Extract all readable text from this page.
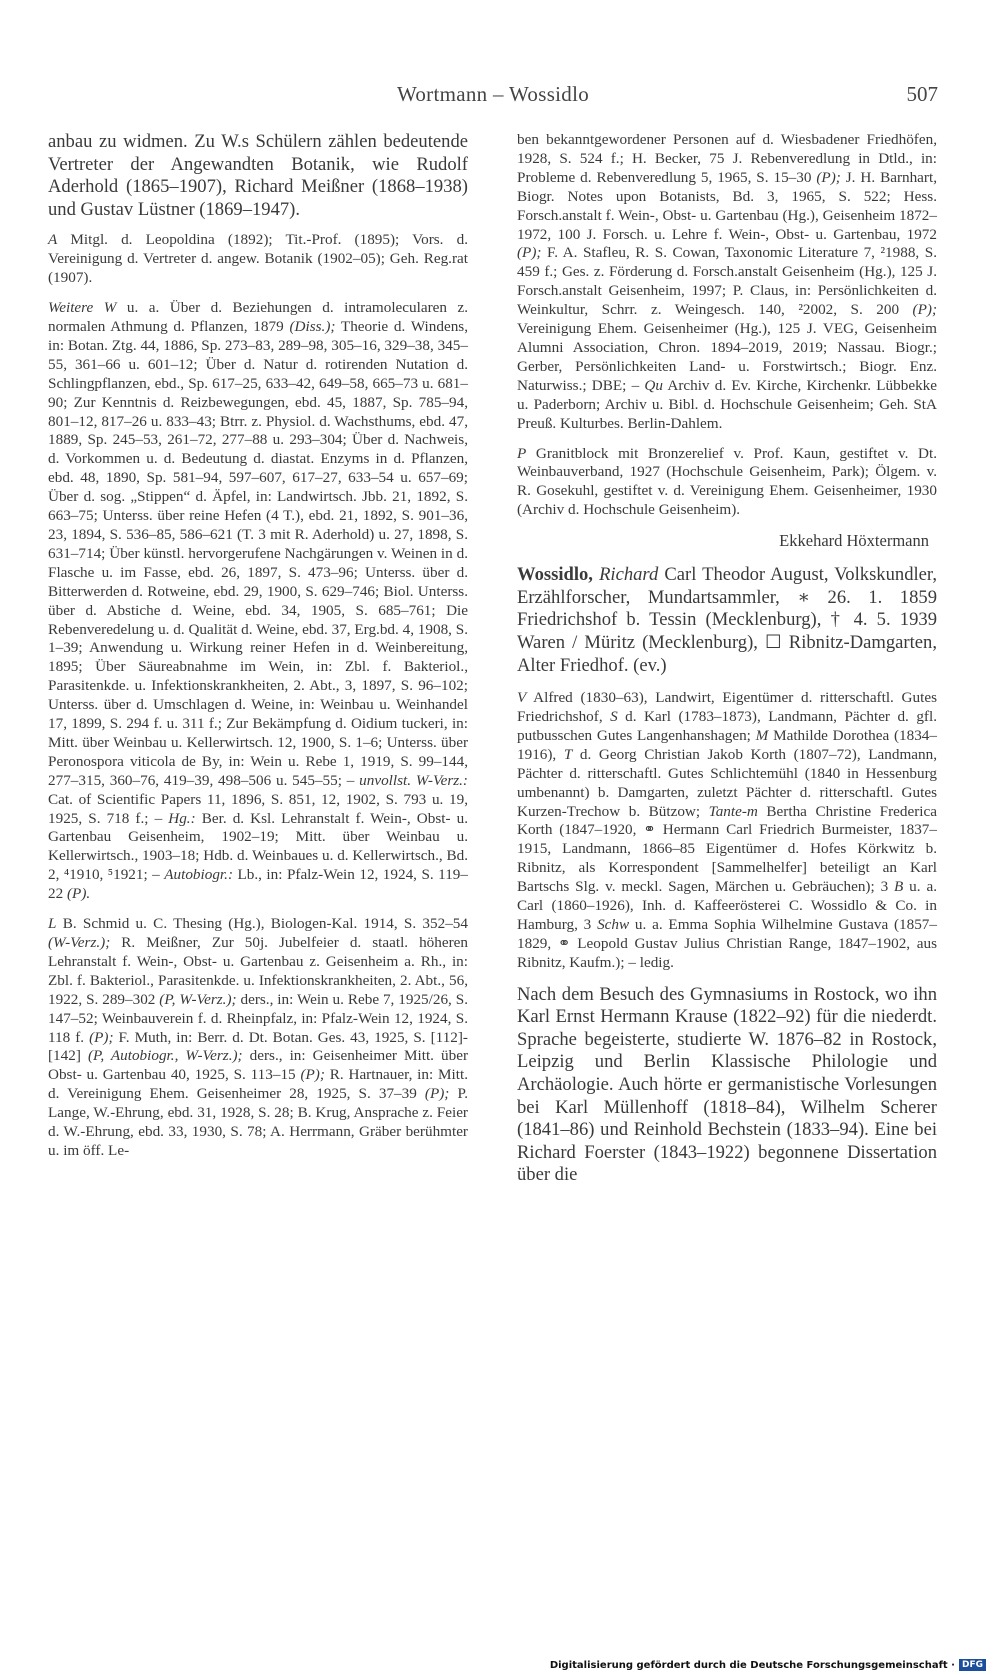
Wortmann – Wossidlo	507

anbau zu widmen. Zu W.s Schülern zählen bedeutende Vertreter der Angewandten Botanik, wie Rudolf Aderhold (1865–1907), Richard Meißner (1868–1938) und Gustav Lüstner (1869–1947).

A Mitgl. d. Leopoldina (1892); Tit.-Prof. (1895); Vors. d. Vereinigung d. Vertreter d. angew. Botanik (1902–05); Geh. Reg.rat (1907).

Weitere W u. a. Über d. Beziehungen d. intramolecularen z. normalen Athmung d. Pflanzen, 1879 (Diss.); Theorie d. Windens, in: Botan. Ztg. 44, 1886, Sp. 273–83, 289–98, 305–16, 329–38, 345–55, 361–66 u. 601–12; Über d. Natur d. rotirenden Nutation d. Schlingpflanzen, ebd., Sp. 617–25, 633–42, 649–58, 665–73 u. 681–90; Zur Kenntnis d. Reizbewegungen, ebd. 45, 1887, Sp. 785–94, 801–12, 817–26 u. 833–43; Btrr. z. Physiol. d. Wachsthums, ebd. 47, 1889, Sp. 245–53, 261–72, 277–88 u. 293–304; Über d. Nachweis, d. Vorkommen u. d. Bedeutung d. diastat. Enzyms in d. Pflanzen, ebd. 48, 1890, Sp. 581–94, 597–607, 617–27, 633–54 u. 657–69; Über d. sog. „Stippen“ d. Äpfel, in: Landwirtsch. Jbb. 21, 1892, S. 663–75; Unterss. über reine Hefen (4 T.), ebd. 21, 1892, S. 901–36, 23, 1894, S. 536–85, 586–621 (T. 3 mit R. Aderhold) u. 27, 1898, S. 631–714; Über künstl. hervorgerufene Nachgärungen v. Weinen in d. Flasche u. im Fasse, ebd. 26, 1897, S. 473–96; Unterss. über d. Bitterwerden d. Rotweine, ebd. 29, 1900, S. 629–746; Biol. Unterss. über d. Abstiche d. Weine, ebd. 34, 1905, S. 685–761; Die Rebenveredelung u. d. Qualität d. Weine, ebd. 37, Erg.bd. 4, 1908, S. 1–39; Anwendung u. Wirkung reiner Hefen in d. Weinbereitung, 1895; Über Säureabnahme im Wein, in: Zbl. f. Bakteriol., Parasitenkde. u. Infektionskrankheiten, 2. Abt., 3, 1897, S. 96–102; Unterss. über d. Umschlagen d. Weine, in: Weinbau u. Weinhandel 17, 1899, S. 294 f. u. 311 f.; Zur Bekämpfung d. Oidium tuckeri, in: Mitt. über Weinbau u. Kellerwirtsch. 12, 1900, S. 1–6; Unterss. über Peronospora viticola de By, in: Wein u. Rebe 1, 1919, S. 99–144, 277–315, 360–76, 419–39, 498–506 u. 545–55; – unvollst. W-Verz.: Cat. of Scientific Papers 11, 1896, S. 851, 12, 1902, S. 793 u. 19, 1925, S. 718 f.; – Hg.: Ber. d. Ksl. Lehranstalt f. Wein-, Obst- u. Gartenbau Geisenheim, 1902–19; Mitt. über Weinbau u. Kellerwirtsch., 1903–18; Hdb. d. Weinbaues u. d. Kellerwirtsch., Bd. 2, ⁴1910, ⁵1921; – Autobiogr.: Lb., in: Pfalz-Wein 12, 1924, S. 119–22 (P).

L B. Schmid u. C. Thesing (Hg.), Biologen-Kal. 1914, S. 352–54 (W-Verz.); R. Meißner, Zur 50j. Jubelfeier d. staatl. höheren Lehranstalt f. Wein-, Obst- u. Gartenbau z. Geisenheim a. Rh., in: Zbl. f. Bakteriol., Parasitenkde. u. Infektionskrankheiten, 2. Abt., 56, 1922, S. 289–302 (P, W-Verz.); ders., in: Wein u. Rebe 7, 1925/26, S. 147–52; Weinbauverein f. d. Rheinpfalz, in: Pfalz-Wein 12, 1924, S. 118 f. (P); F. Muth, in: Berr. d. Dt. Botan. Ges. 43, 1925, S. [112]-[142] (P, Autobiogr., W-Verz.); ders., in: Geisenheimer Mitt. über Obst- u. Gartenbau 40, 1925, S. 113–15 (P); R. Hartnauer, in: Mitt. d. Vereinigung Ehem. Geisenheimer 28, 1925, S. 37–39 (P); P. Lange, W.-Ehrung, ebd. 31, 1928, S. 28; B. Krug, Ansprache z. Feier d. W.-Ehrung, ebd. 33, 1930, S. 78; A. Herrmann, Gräber berühmter u. im öff. Le-

ben bekanntgewordener Personen auf d. Wiesbadener Friedhöfen, 1928, S. 524 f.; H. Becker, 75 J. Rebenveredlung in Dtld., in: Probleme d. Rebenveredlung 5, 1965, S. 15–30 (P); J. H. Barnhart, Biogr. Notes upon Botanists, Bd. 3, 1965, S. 522; Hess. Forsch.anstalt f. Wein-, Obst- u. Gartenbau (Hg.), Geisenheim 1872–1972, 100 J. Forsch. u. Lehre f. Wein-, Obst- u. Gartenbau, 1972 (P); F. A. Stafleu, R. S. Cowan, Taxonomic Literature 7, ²1988, S. 459 f.; Ges. z. Förderung d. Forsch.anstalt Geisenheim (Hg.), 125 J. Forsch.anstalt Geisenheim, 1997; P. Claus, in: Persönlichkeiten d. Weinkultur, Schrr. z. Weingesch. 140, ²2002, S. 200 (P); Vereinigung Ehem. Geisenheimer (Hg.), 125 J. VEG, Geisenheim Alumni Association, Chron. 1894–2019, 2019; Nassau. Biogr.; Gerber, Persönlichkeiten Land- u. Forstwirtsch.; Biogr. Enz. Naturwiss.; DBE; – Qu Archiv d. Ev. Kirche, Kirchenkr. Lübbekke u. Paderborn; Archiv u. Bibl. d. Hochschule Geisenheim; Geh. StA Preuß. Kulturbes. Berlin-Dahlem.

P Granitblock mit Bronzerelief v. Prof. Kaun, gestiftet v. Dt. Weinbauverband, 1927 (Hochschule Geisenheim, Park); Ölgem. v. R. Gosekuhl, gestiftet v. d. Vereinigung Ehem. Geisenheimer, 1930 (Archiv d. Hochschule Geisenheim).

Ekkehard Höxtermann

Wossidlo, Richard Carl Theodor August, Volkskundler, Erzählforscher, Mundartsammler, ∗ 26. 1. 1859 Friedrichshof b. Tessin (Mecklenburg), † 4. 5. 1939 Waren / Müritz (Mecklenburg), ☐ Ribnitz-Damgarten, Alter Friedhof. (ev.)

V Alfred (1830–63), Landwirt, Eigentümer d. ritterschaftl. Gutes Friedrichshof, S d. Karl (1783–1873), Landmann, Pächter d. gfl. putbusschen Gutes Langenhanshagen; M Mathilde Dorothea (1834–1916), T d. Georg Christian Jakob Korth (1807–72), Landmann, Pächter d. ritterschaftl. Gutes Schlichtemühl (1840 in Hessenburg umbenannt) b. Damgarten, zuletzt Pächter d. ritterschaftl. Gutes Kurzen-Trechow b. Bützow; Tante-m Bertha Christine Frederica Korth (1847–1920, ⚭ Hermann Carl Friedrich Burmeister, 1837–1915, Landmann, 1866–85 Eigentümer d. Hofes Körkwitz b. Ribnitz, als Korrespondent [Sammelhelfer] beteiligt an Karl Bartschs Slg. v. meckl. Sagen, Märchen u. Gebräuchen); 3 B u. a. Carl (1860–1926), Inh. d. Kaffeerösterei C. Wossidlo & Co. in Hamburg, 3 Schw u. a. Emma Sophia Wilhelmine Gustava (1857–1829, ⚭ Leopold Gustav Julius Christian Range, 1847–1902, aus Ribnitz, Kaufm.); – ledig.

Nach dem Besuch des Gymnasiums in Rostock, wo ihn Karl Ernst Hermann Krause (1822–92) für die niederdt. Sprache begeisterte, studierte W. 1876–82 in Rostock, Leipzig und Berlin Klassische Philologie und Archäologie. Auch hörte er germanistische Vorlesungen bei Karl Müllenhoff (1818–84), Wilhelm Scherer (1841–86) und Reinhold Bechstein (1833–94). Eine bei Richard Foerster (1843–1922) begonnene Dissertation über die

Digitalisierung gefördert durch die Deutsche Forschungsgemeinschaft · DFG
